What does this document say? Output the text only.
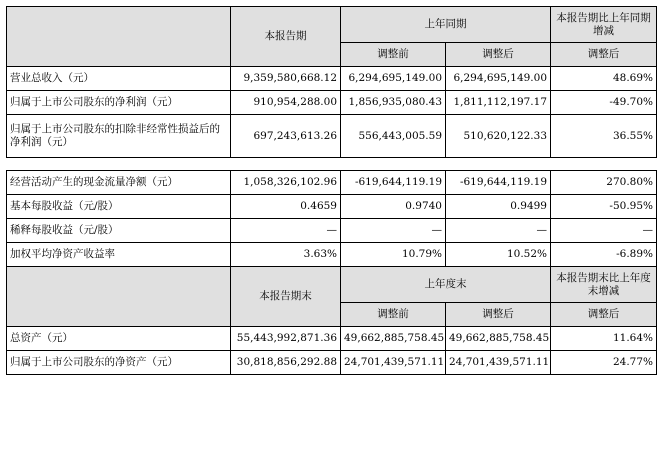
	本报告期	上年同期		本报告期比上年同期增减
		调整前	调整后	调整后
营业总收入（元）	9,359,580,668.12	6,294,695,149.00	6,294,695,149.00	48.69%
归属于上市公司股东的净利润（元）	910,954,288.00	1,856,935,080.43	1,811,112,197.17	-49.70%
归属于上市公司股东的扣除非经常性损益后的净利润（元）	697,243,613.26	556,443,005.59	510,620,122.33	36.55%

经营活动产生的现金流量净额（元）	1,058,326,102.96	-619,644,119.19	-619,644,119.19	270.80%
基本每股收益（元/股）	0.4659	0.9740	0.9499	-50.95%
稀释每股收益（元/股）	—	—	—	—
加权平均净资产收益率	3.63%	10.79%	10.52%	-6.89%
	本报告期末	上年度末		本报告期末比上年度末增减
		调整前	调整后	调整后
总资产（元）	55,443,992,871.36	49,662,885,758.45	49,662,885,758.45	11.64%
归属于上市公司股东的净资产（元）	30,818,856,292.88	24,701,439,571.11	24,701,439,571.11	24.77%
